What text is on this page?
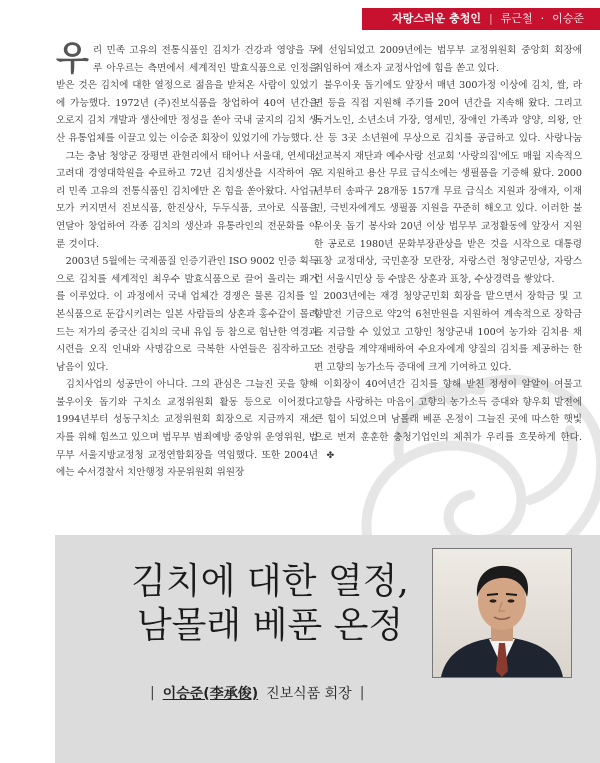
자랑스러운 충청인 | 류근철 · 이승준

우리 민족 고유의 전통식품인 김치가 건강과 영양을 두루 아우르는 측면에서 세계적인 발효식품으로 인정을 받은 것은 김치에 대한 열정으로 젊음을 받쳐온 사람이 있었기에 가능했다. 1972년 (주)진보식품을 창업하여 40여 년간을 오로지 김치 개발과 생산에만 정성을 쏟아 국내 굴지의 김치 생산 유통업체를 이끌고 있는 이승준 회장이 있었기에 가능했다.

그는 충남 청양군 장평면 관현리에서 태어나 서울대, 연세대, 고려대 경영대학원을 수료하고 72년 김치생산을 시작하여 우리 민족 고유의 전통식품인 김치에만 온 힘을 쏟아왔다. 사업규모가 커지면서 진보식품, 한진상사, 두두식품, 코아로 식품을 연달아 창업하여 각종 김치의 생산과 유통라인의 전문화를 이룬 것이다.

2003년 5월에는 국제품질 인증기관인 ISO 9002 인증 획득으로 김치를 세계적인 최우수 발효식품으로 끌어 올리는 쾌거를 이루었다. 이 과정에서 국내 업체간 경쟁은 물론 김치를 일본식품으로 둔갑시키려는 일본 사람들의 상혼과 홍수같이 몰려드는 저가의 중국산 김치의 국내 유입 등 참으로 험난한 역경과 시련을 오직 인내와 사명감으로 극복한 사연들은 짐작하고도 남음이 있다.

김치사업의 성공만이 아니다. 그의 관심은 그늘진 곳을 향해 불우이웃 돕기와 구치소 교정위원회 활동 등으로 이어졌다. 1994년부터 성동구치소 교정위원회 회장으로 지금까지 재소자를 위해 힘쓰고 있으며 법무부 범죄예방 중앙위 운영위원, 법무부 서울지방교정청 교정연합회장을 역임했다. 또한 2004년에는 수서경찰서 치안행정 자문위원회 위원장

에 선임되었고 2009년에는 법무부 교정위원회 중앙회 회장에 취임하여 재소자 교정사업에 힘을 쏟고 있다.

불우이웃 돕기에도 앞장서 매년 300가정 이상에 김치, 쌀, 라면 등을 직접 지원해 주기를 20여 년간을 지속해 왔다. 그리고 독거노인, 소년소녀 가장, 영세민, 장애인 가족과 양양, 의왕, 안산 등 3곳 소년원에 무상으로 김치를 공급하고 있다. 사랑나눔 선교복지 재단과 예수사랑 선교회 '사랑의집'에도 매월 지속적으로 지원하고 용산 무료 급식소에는 생필품을 기증해 왔다. 2000년부터 송파구 28개동 157개 무료 급식소 지원과 장애자, 이재민, 극빈자에게도 생필품 지원을 꾸준히 해오고 있다. 이러한 불우이웃 돕기 봉사와 20년 이상 법무부 교정활동에 앞장서 지원한 공로로 1980년 문화부장관상을 받은 것을 시작으로 대통령표창 교정대상, 국민훈장 모란장, 자랑스런 청양군민상, 자랑스런 서울시민상 등 수많은 상훈과 표창, 수상경력을 쌓았다.

2003년에는 재경 청양군민회 회장을 맡으면서 장학금 및 고향발전 기금으로 약2억 6천만원을 지원하여 계속적으로 장학금을 지급할 수 있었고 고향인 청양군내 100여 농가와 김치용 채소 전량을 계약재배하여 수요자에게 양질의 김치를 제공하는 한편 고향의 농가소득 증대에 크게 기여하고 있다.

이회장이 40여년간 김치를 향해 받친 정성이 알알이 여물고 고향을 사랑하는 마음이 고향의 농가소득 증대와 향우회 발전에 큰 힘이 되었으며 남몰래 베푼 온정이 그늘진 곳에 따스한 햇빛으로 번져 훈훈한 충청기업인의 체취가 우리를 흐뭇하게 한다.✤

김치에 대한 열정,
남몰래 베푼 온정
| 이승준(李承俊) 진보식품 회장 |
